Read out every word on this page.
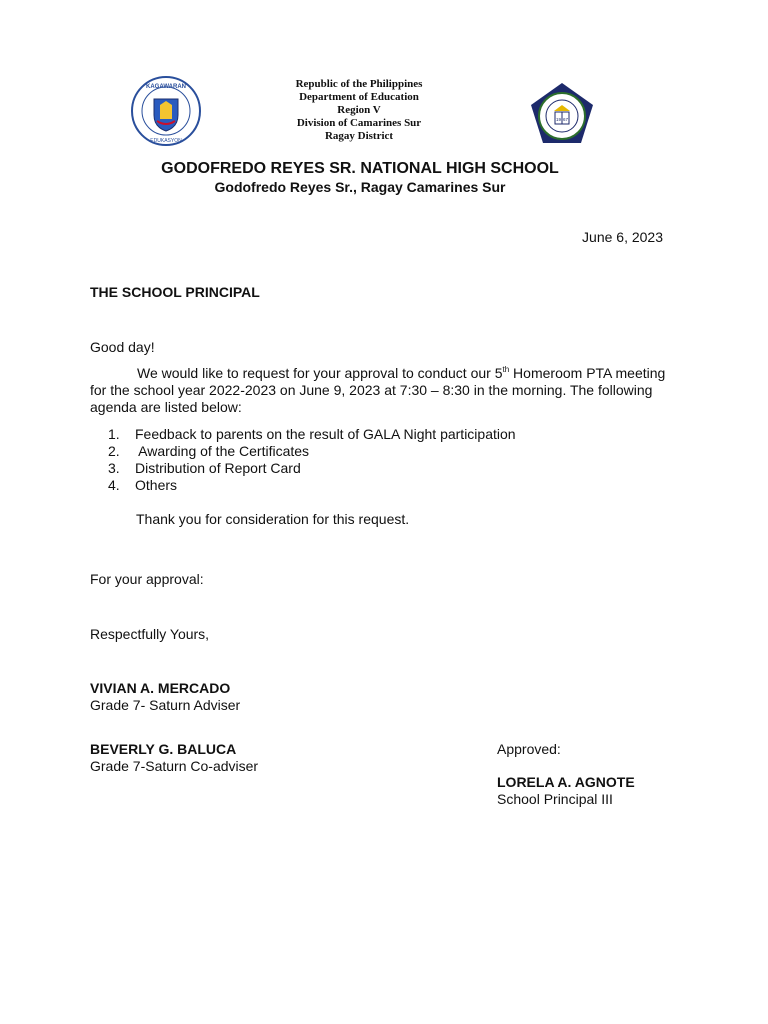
KAGAWARAN
EDUKASYON
Republic of the Philippines
Department of Education
Region V
Division of Camarines Sur
Ragay District
19 67
GODOFREDO REYES SR. NATIONAL HIGH SCHOOL
Godofredo Reyes Sr., Ragay Camarines Sur
June 6, 2023
THE SCHOOL PRINCIPAL
Good day!
We would like to request for your approval to conduct our 5th Homeroom PTA meeting for the school year 2022-2023 on June 9, 2023 at 7:30 – 8:30 in the morning. The following agenda are listed below:
1.	Feedback to parents on the result of GALA Night participation
2.	Awarding of the Certificates
3.	Distribution of Report Card
4.	Others
Thank you for consideration for this request.
For your approval:
Respectfully Yours,
VIVIAN A. MERCADO
Grade 7- Saturn Adviser
BEVERLY G. BALUCA
Grade 7-Saturn Co-adviser
Approved:
LORELA A. AGNOTE
School Principal III
